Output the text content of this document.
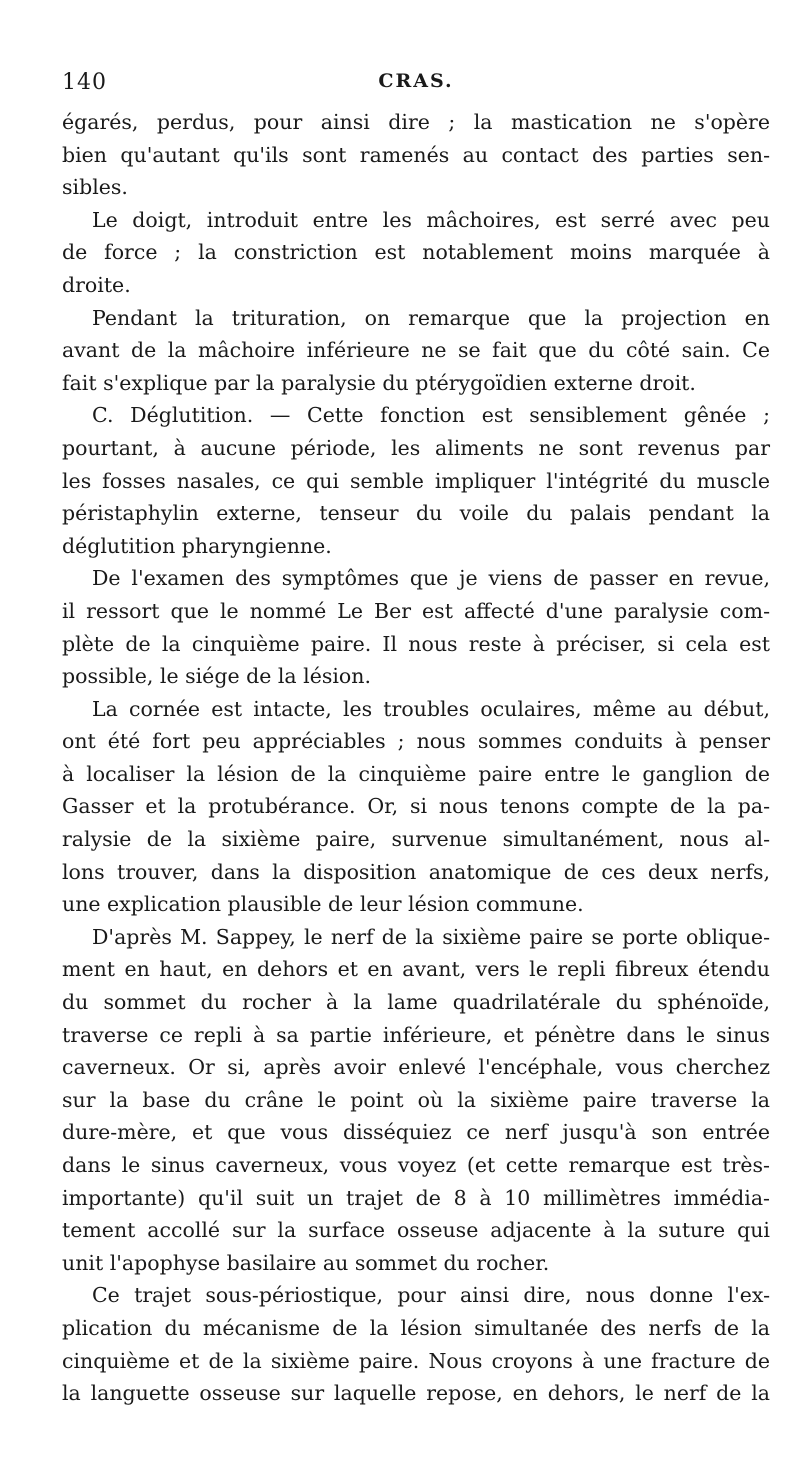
140	CRAS.
égarés, perdus, pour ainsi dire ; la mastication ne s'opère
bien qu'autant qu'ils sont ramenés au contact des parties sen-
sibles.
Le doigt, introduit entre les mâchoires, est serré avec peu
de force ; la constriction est notablement moins marquée à
droite.
Pendant la trituration, on remarque que la projection en
avant de la mâchoire inférieure ne se fait que du côté sain. Ce
fait s'explique par la paralysie du ptérygoïdien externe droit.
C. Déglutition. — Cette fonction est sensiblement gênée ;
pourtant, à aucune période, les aliments ne sont revenus par
les fosses nasales, ce qui semble impliquer l'intégrité du muscle
péristaphylin externe, tenseur du voile du palais pendant la
déglutition pharyngienne.
De l'examen des symptômes que je viens de passer en revue,
il ressort que le nommé Le Ber est affecté d'une paralysie com-
plète de la cinquième paire. Il nous reste à préciser, si cela est
possible, le siége de la lésion.
La cornée est intacte, les troubles oculaires, même au début,
ont été fort peu appréciables ; nous sommes conduits à penser
à localiser la lésion de la cinquième paire entre le ganglion de
Gasser et la protubérance. Or, si nous tenons compte de la pa-
ralysie de la sixième paire, survenue simultanément, nous al-
lons trouver, dans la disposition anatomique de ces deux nerfs,
une explication plausible de leur lésion commune.
D'après M. Sappey, le nerf de la sixième paire se porte oblique-
ment en haut, en dehors et en avant, vers le repli fibreux étendu
du sommet du rocher à la lame quadrilatérale du sphénoïde,
traverse ce repli à sa partie inférieure, et pénètre dans le sinus
caverneux. Or si, après avoir enlevé l'encéphale, vous cherchez
sur la base du crâne le point où la sixième paire traverse la
dure-mère, et que vous disséquiez ce nerf jusqu'à son entrée
dans le sinus caverneux, vous voyez (et cette remarque est très-
importante) qu'il suit un trajet de 8 à 10 millimètres immédia-
tement accollé sur la surface osseuse adjacente à la suture qui
unit l'apophyse basilaire au sommet du rocher.
Ce trajet sous-périostique, pour ainsi dire, nous donne l'ex-
plication du mécanisme de la lésion simultanée des nerfs de la
cinquième et de la sixième paire. Nous croyons à une fracture de
la languette osseuse sur laquelle repose, en dehors, le nerf de la
